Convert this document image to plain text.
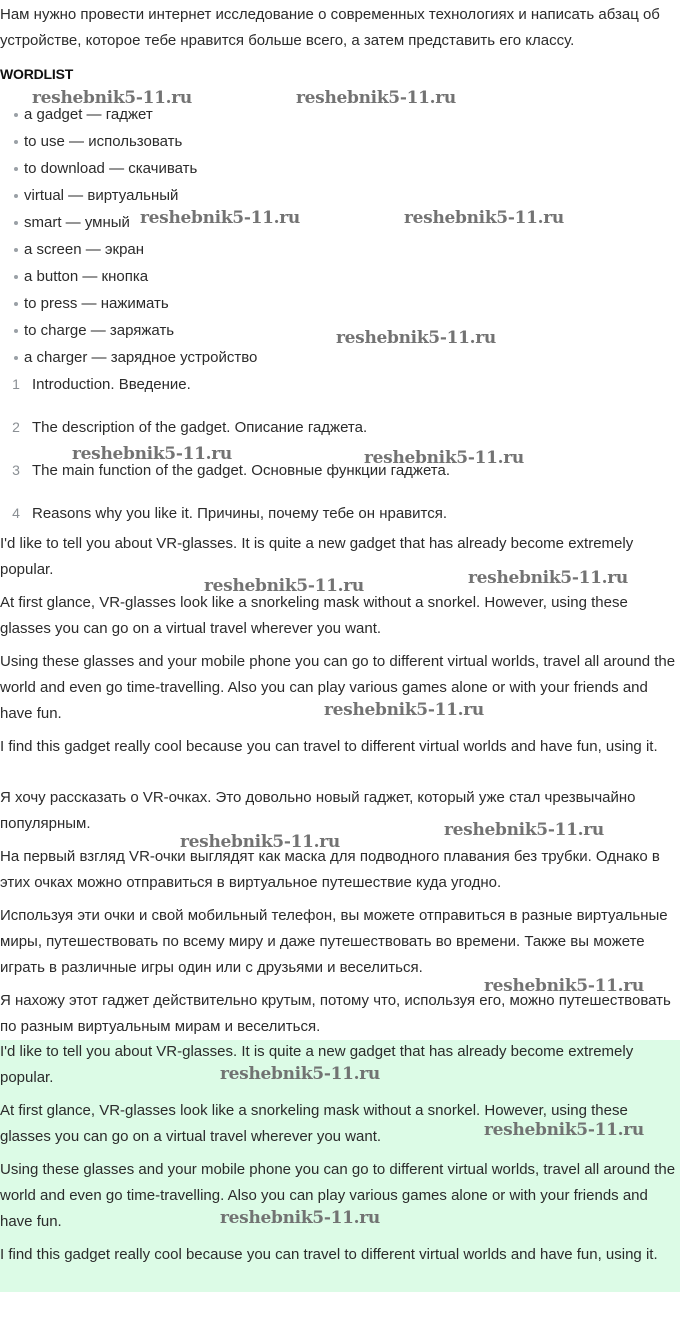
Нам нужно провести интернет исследование о современных технологиях и написать абзац об устройстве, которое тебе нравится больше всего, а затем представить его классу.
WORDLIST
a gadget — гаджет
to use — использовать
to download — скачивать
virtual — виртуальный
smart — умный
a screen — экран
a button — кнопка
to press — нажимать
to charge — заряжать
a charger — зарядное устройство
1 Introduction. Введение.
2 The description of the gadget. Описание гаджета.
3 The main function of the gadget. Основные функции гаджета.
4 Reasons why you like it. Причины, почему тебе он нравится.

I'd like to tell you about VR-glasses. It is quite a new gadget that has already become extremely popular.

At first glance, VR-glasses look like a snorkeling mask without a snorkel. However, using these glasses you can go on a virtual travel wherever you want.

Using these glasses and your mobile phone you can go to different virtual worlds, travel all around the world and even go time-travelling. Also you can play various games alone or with your friends and have fun.

I find this gadget really cool because you can travel to different virtual worlds and have fun, using it.

Я хочу рассказать о VR-очках. Это довольно новый гаджет, который уже стал чрезвычайно популярным.

На первый взгляд VR-очки выглядят как маска для подводного плавания без трубки. Однако в этих очках можно отправиться в виртуальное путешествие куда угодно.

Используя эти очки и свой мобильный телефон, вы можете отправиться в разные виртуальные миры, путешествовать по всему миру и даже путешествовать во времени. Также вы можете играть в различные игры один или с друзьями и веселиться.

Я нахожу этот гаджет действительно крутым, потому что, используя его, можно путешествовать по разным виртуальным мирам и веселиться.

I'd like to tell you about VR-glasses. It is quite a new gadget that has already become extremely popular.

At first glance, VR-glasses look like a snorkeling mask without a snorkel. However, using these glasses you can go on a virtual travel wherever you want.

Using these glasses and your mobile phone you can go to different virtual worlds, travel all around the world and even go time-travelling. Also you can play various games alone or with your friends and have fun.

I find this gadget really cool because you can travel to different virtual worlds and have fun, using it.

reshebnik5-11.ru	reshebnik5-11.ru
reshebnik5-11.ru	reshebnik5-11.ru
reshebnik5-11.ru
reshebnik5-11.ru	reshebnik5-11.ru
reshebnik5-11.ru	reshebnik5-11.ru
reshebnik5-11.ru
reshebnik5-11.ru
reshebnik5-11.ru
reshebnik5-11.ru
reshebnik5-11.ru
reshebnik5-11.ru
reshebnik5-11.ru
